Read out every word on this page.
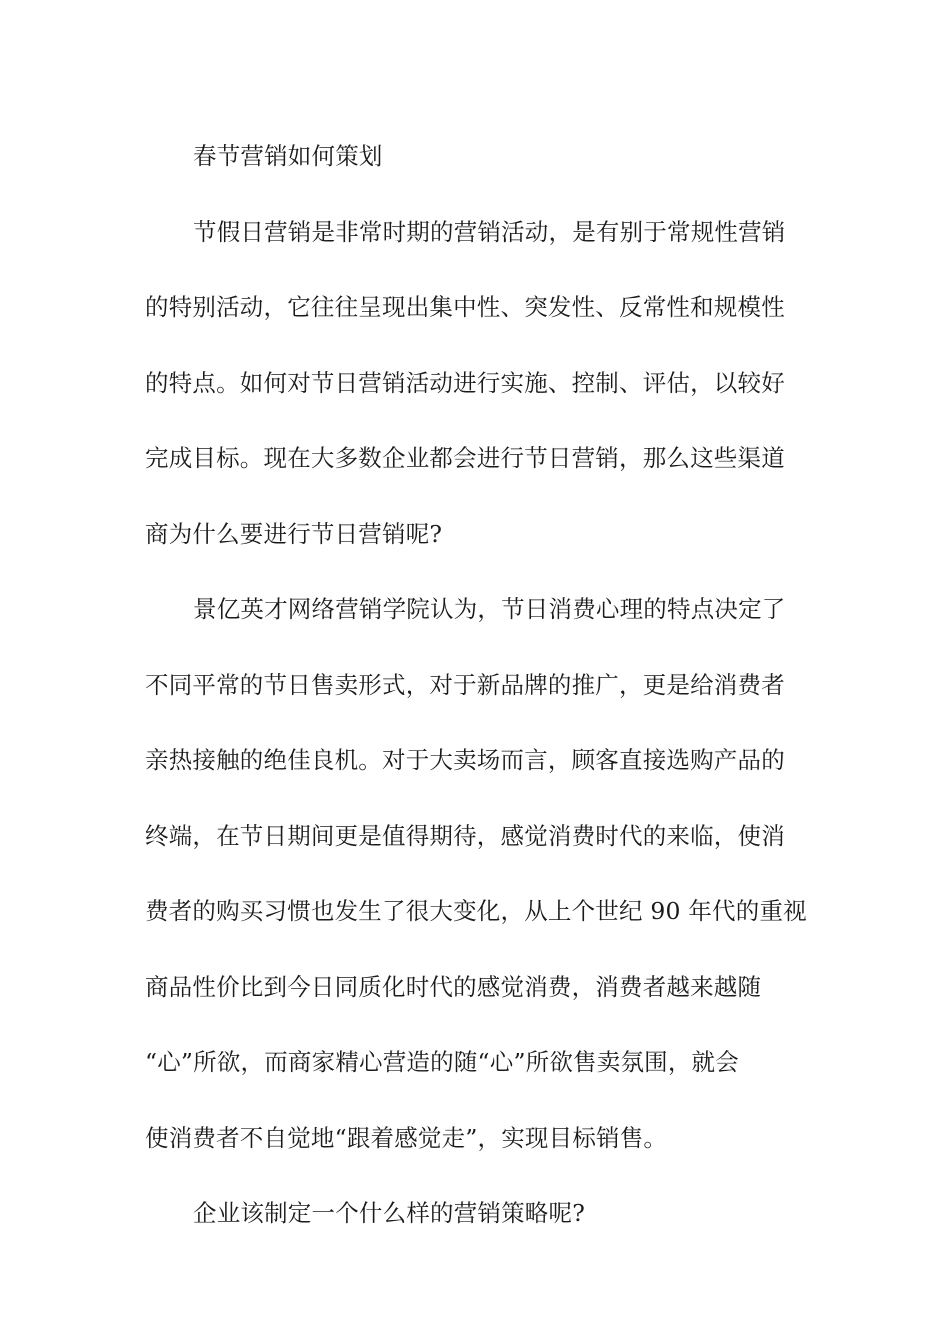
春节营销如何策划
节假日营销是非常时期的营销活动，是有别于常规性营销
的特别活动，它往往呈现出集中性、突发性、反常性和规模性
的特点。如何对节日营销活动进行实施、控制、评估，以较好
完成目标。现在大多数企业都会进行节日营销，那么这些渠道
商为什么要进行节日营销呢?
景亿英才网络营销学院认为，节日消费心理的特点决定了
不同平常的节日售卖形式，对于新品牌的推广，更是给消费者
亲热接触的绝佳良机。对于大卖场而言，顾客直接选购产品的
终端，在节日期间更是值得期待，感觉消费时代的来临，使消
费者的购买习惯也发生了很大变化，从上个世纪 90 年代的重视
商品性价比到今日同质化时代的感觉消费，消费者越来越随
“心”所欲，而商家精心营造的随“心”所欲售卖氛围，就会
使消费者不自觉地“跟着感觉走”，实现目标销售。
企业该制定一个什么样的营销策略呢?
